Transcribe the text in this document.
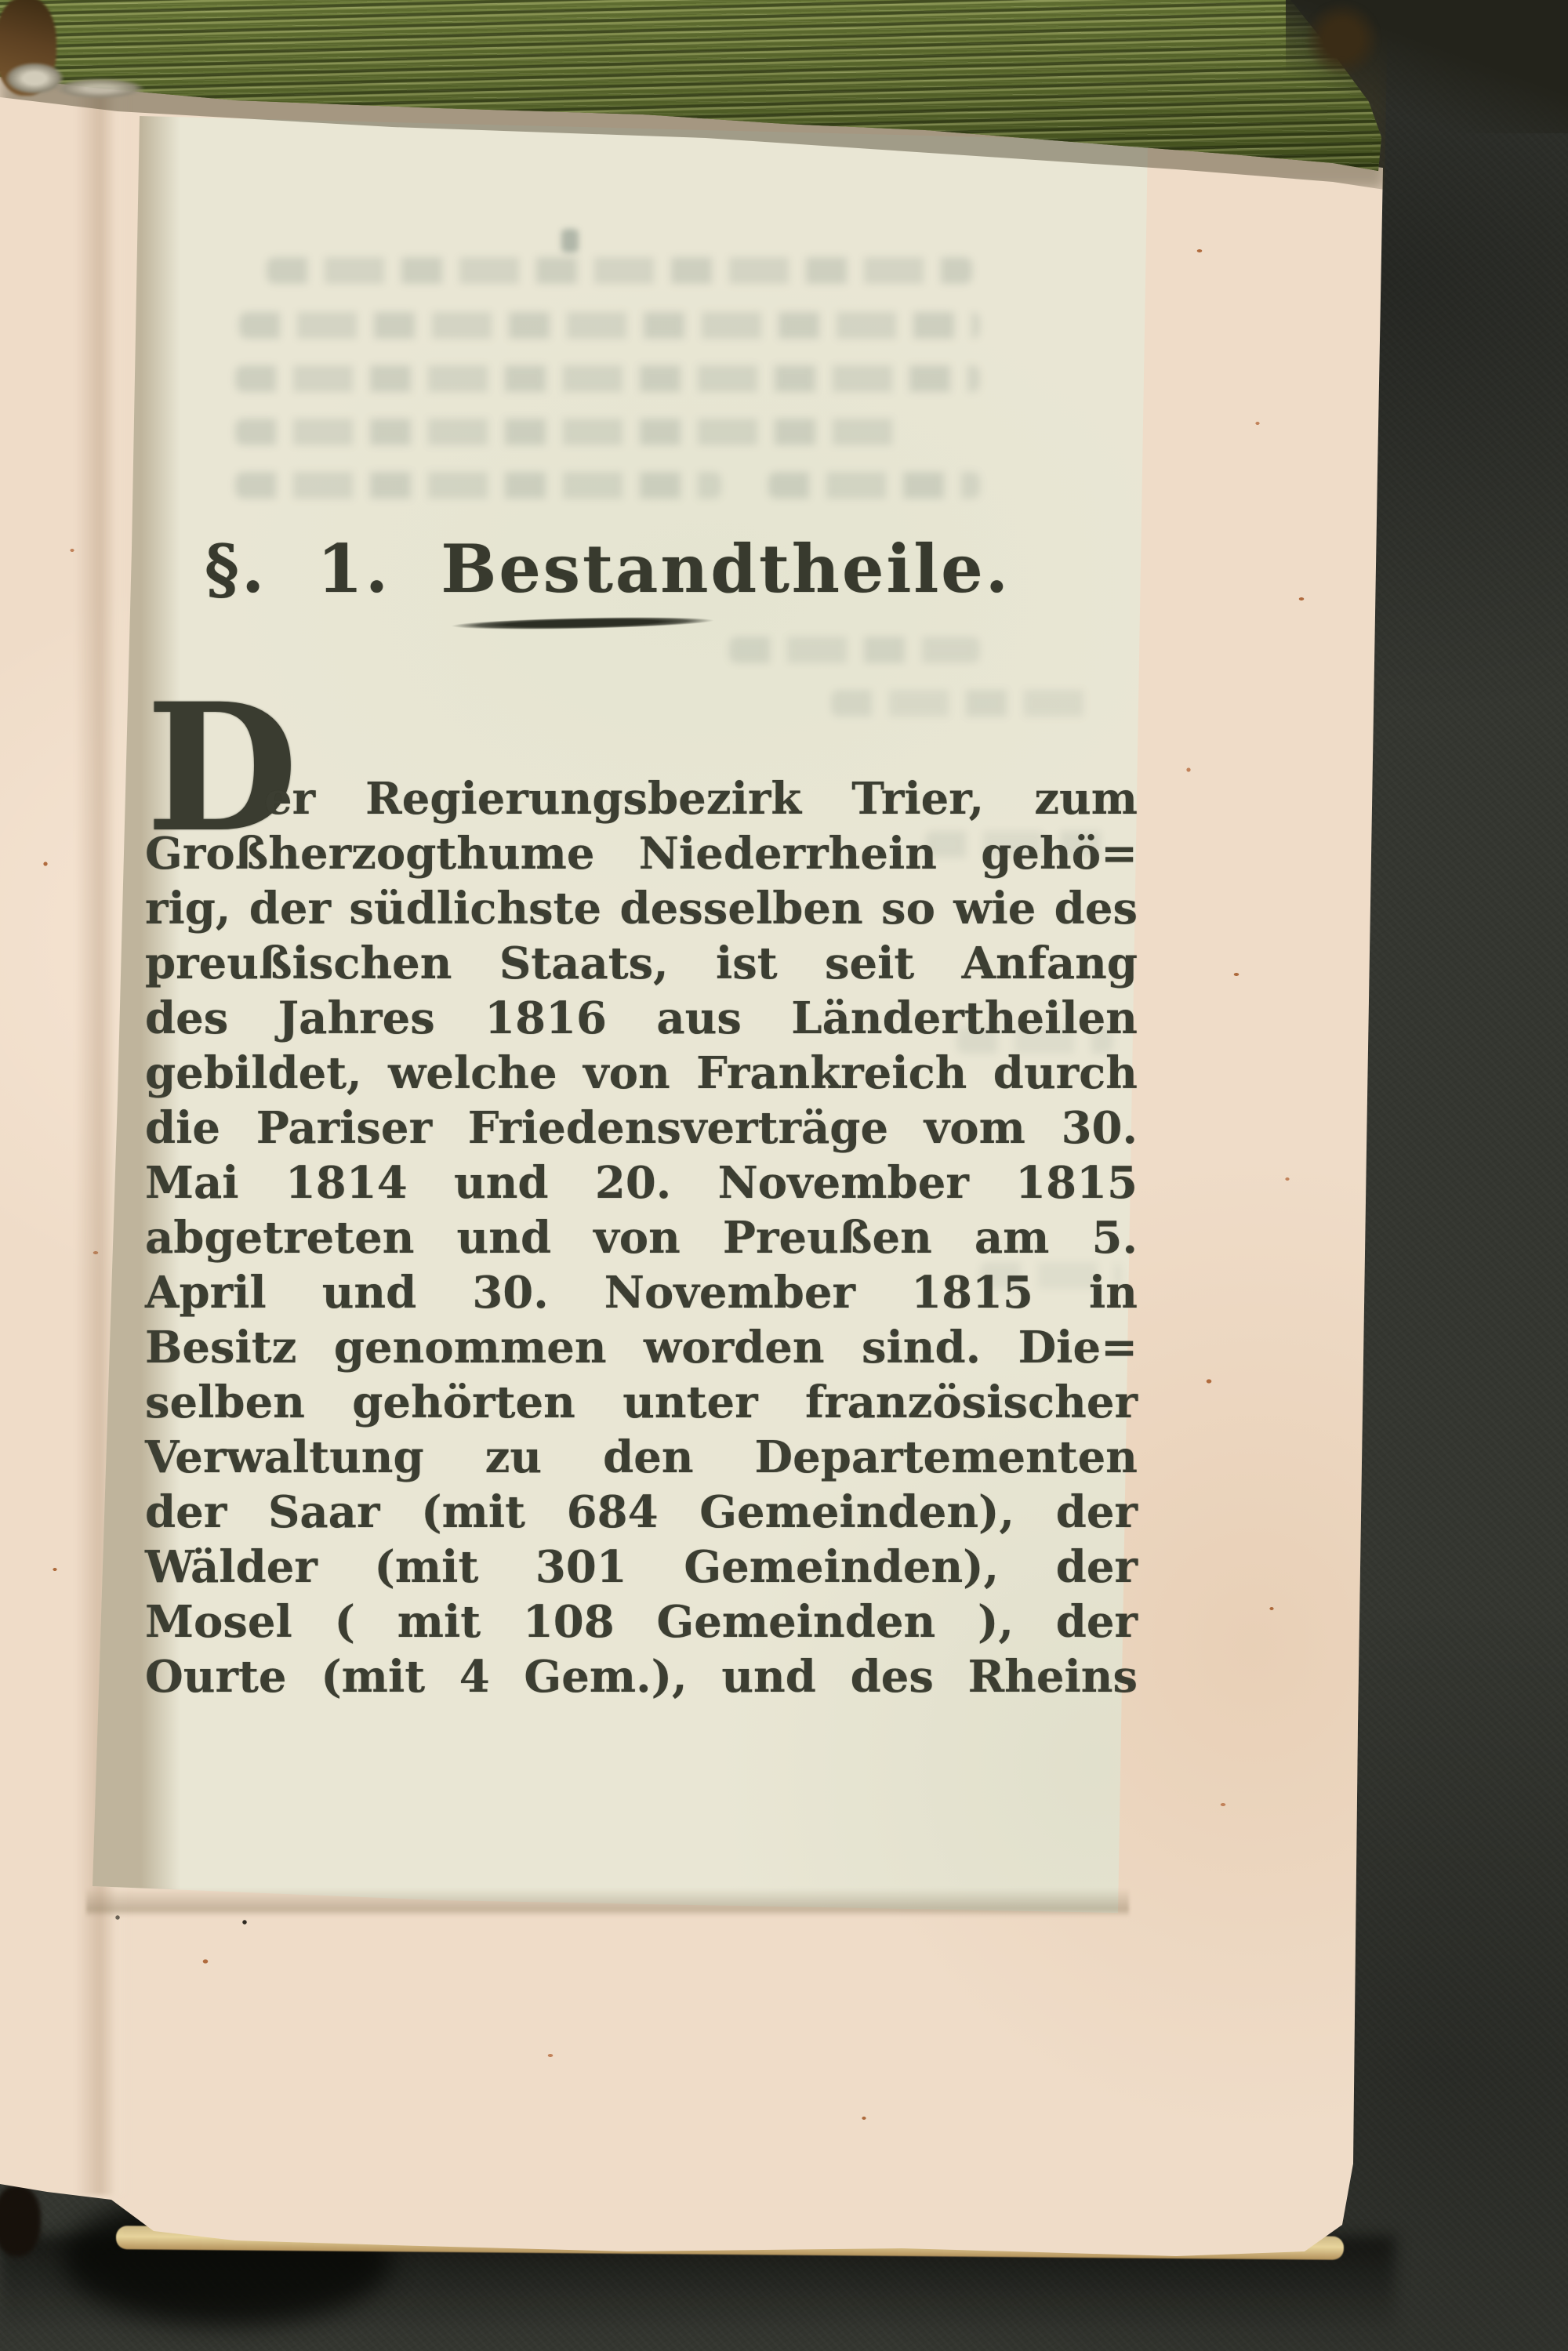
§. 1. Bestandtheile.
D
er Regierungsbezirk Trier, zum
Großherzogthume Niederrhein gehö=
rig, der südlichste desselben so wie des
preußischen Staats, ist seit Anfang
des Jahres 1816 aus Ländertheilen
gebildet, welche von Frankreich durch
die Pariser Friedensverträge vom 30.
Mai 1814 und 20. November 1815
abgetreten und von Preußen am 5.
April und 30. November 1815 in
Besitz genommen worden sind. Die=
selben gehörten unter französischer
Verwaltung zu den Departementen
der Saar (mit 684 Gemeinden), der
Wälder (mit 301 Gemeinden), der
Mosel ( mit 108 Gemeinden ), der
Ourte (mit 4 Gem.), und des Rheins
